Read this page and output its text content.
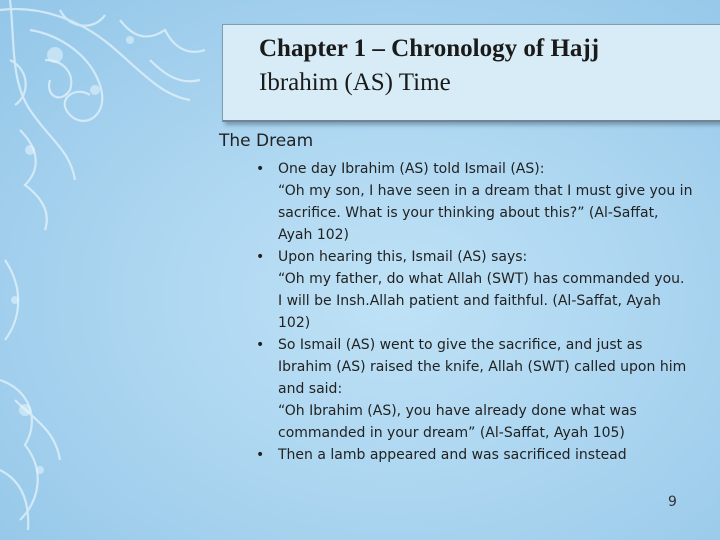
Chapter 1 – Chronology of Hajj
Ibrahim (AS) Time
The Dream
• One day Ibrahim (AS) told Ismail (AS):
“Oh my son, I have seen in a dream that I must give you in
sacrifice. What is your thinking about this?” (Al-Saffat,
Ayah 102)
• Upon hearing this, Ismail (AS) says:
“Oh my father, do what Allah (SWT) has commanded you.
I will be Insh.Allah patient and faithful. (Al-Saffat, Ayah
102)
• So Ismail (AS) went to give the sacrifice, and just as
Ibrahim (AS) raised the knife, Allah (SWT) called upon him
and said:
“Oh Ibrahim (AS), you have already done what was
commanded in your dream” (Al-Saffat, Ayah 105)
• Then a lamb appeared and was sacrificed instead
9
